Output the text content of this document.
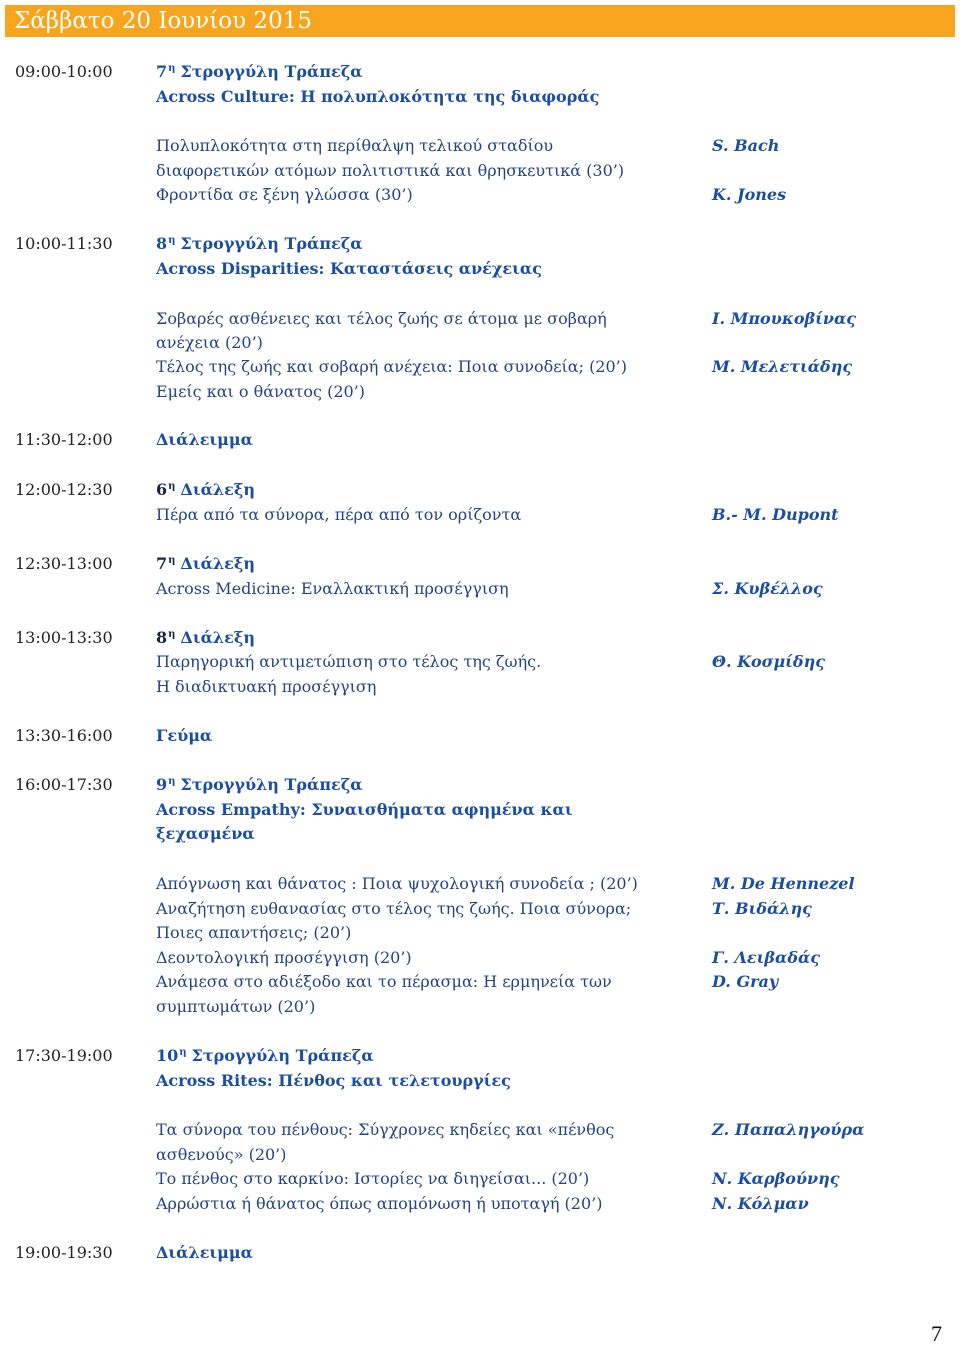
Σάββατο 20 Ιουνίου 2015
09:00-10:00	$7^\eta$ Στρογγύλη Τράπεζα
Across Culture: Η πολυπλοκότητα της διαφοράς
Πολυπλοκότητα στη περίθαλψη τελικού σταδίου	S. Bach
διαφορετικών ατόμων πολιτιστικά και θρησκευτικά (30’)
Φροντίδα σε ξένη γλώσσα (30’)	K. Jones
10:00-11:30	$8^\eta$ Στρογγύλη Τράπεζα
Across Disparities: Καταστάσεις ανέχειας
Σοβαρές ασθένειες και τέλος ζωής σε άτομα με σοβαρή	Ι. Μπουκοβίνας
ανέχεια (20’)
Τέλος της ζωής και σοβαρή ανέχεια: Ποια συνοδεία; (20’)	Μ. Μελετιάδης
Εμείς και ο θάνατος (20’)
11:30-12:00	Διάλειμμα
12:00-12:30	$6^\eta$ Διάλεξη
Πέρα από τα σύνορα, πέρα από τον ορίζοντα	B.- M. Dupont
12:30-13:00	$7^\eta$ Διάλεξη
Across Medicine: Εναλλακτική προσέγγιση	Σ. Κυβέλλος
13:00-13:30	$8^\eta$ Διάλεξη
Παρηγορική αντιμετώπιση στο τέλος της ζωής.	Θ. Κοσμίδης
Η διαδικτυακή προσέγγιση
13:30-16:00	Γεύμα
16:00-17:30	$9^\eta$ Στρογγύλη Τράπεζα
Across Empathy: Συναισθήματα αφημένα και
ξεχασμένα
Απόγνωση και θάνατος : Ποια ψυχολογική συνοδεία ; (20’)	M. De Hennezel
Αναζήτηση ευθανασίας στο τέλος της ζωής. Ποια σύνορα;	Τ. Βιδάλης
Ποιες απαντήσεις; (20’)
Δεοντολογική προσέγγιση (20’)	Γ. Λειβαδάς
Ανάμεσα στο αδιέξοδο και το πέρασμα: Η ερμηνεία των	D. Gray
συμπτωμάτων (20’)
17:30-19:00	$10^\eta$ Στρογγύλη Τράπεζα
Across Rites: Πένθος και τελετουργίες
Τα σύνορα του πένθους: Σύγχρονες κηδείες και «πένθος	Ζ. Παπαληγούρα
ασθενούς» (20’)
Το πένθος στο καρκίνο: Ιστορίες να διηγείσαι... (20’)	Ν. Καρβούνης
Αρρώστια ή θάνατος όπως απομόνωση ή υποταγή (20’)	Ν. Κόλμαν
19:00-19:30	Διάλειμμα
7
